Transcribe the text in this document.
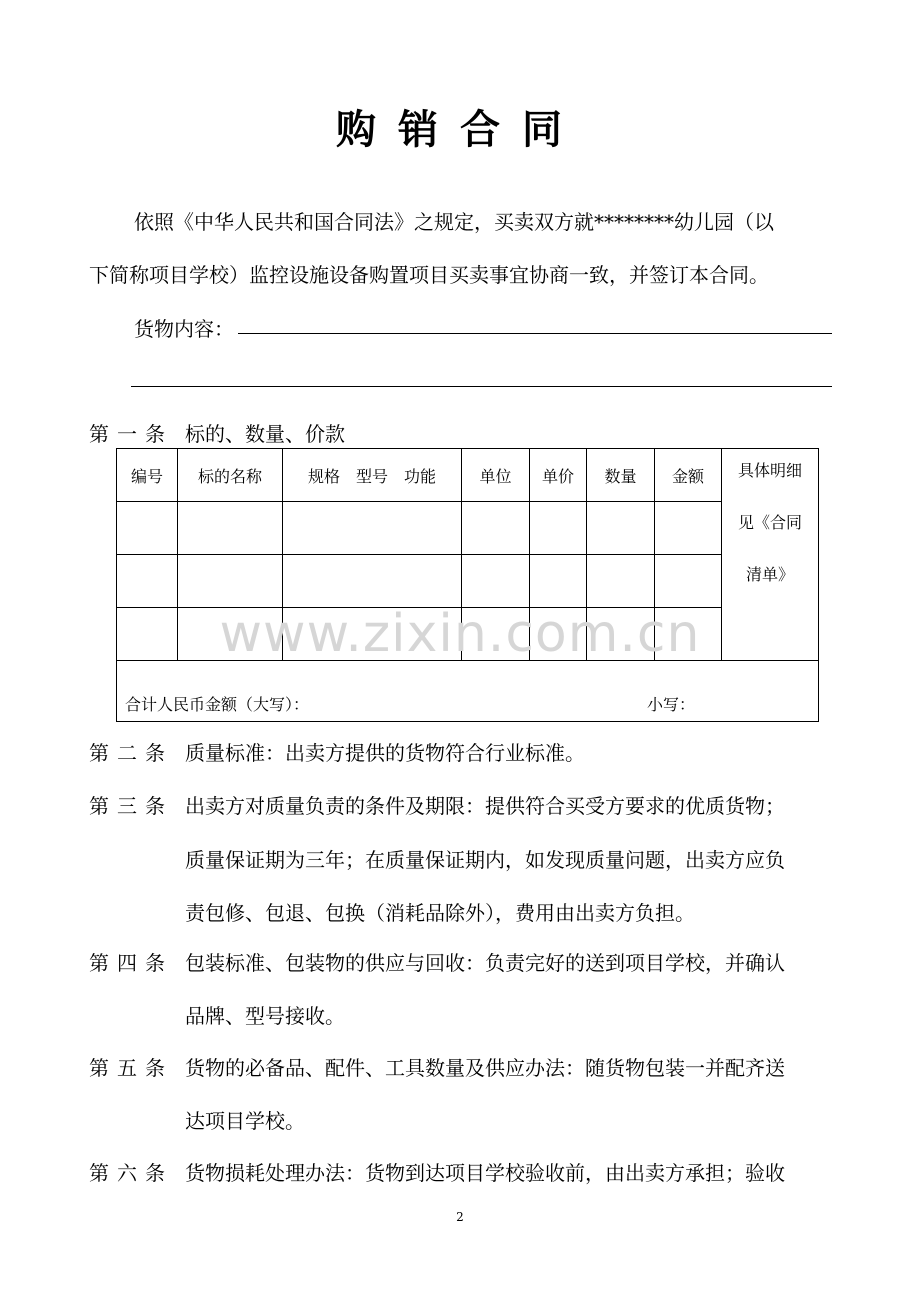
购销合同
依照《中华人民共和国合同法》之规定，买卖双方就********幼儿园（以
下简称项目学校）监控设施设备购置项目买卖事宜协商一致，并签订本合同。
货物内容：
第一条 标的、数量、价款
编号	标的名称	规格 型号 功能	单位	单价	数量	金额	具体明细
见《合同
清单》

合计人民币金额（大写）： 小写：							
www.zixin.com.cn
第二条 质量标准：出卖方提供的货物符合行业标准。
第三条 出卖方对质量负责的条件及期限：提供符合买受方要求的优质货物；
质量保证期为三年；在质量保证期内，如发现质量问题，出卖方应负
责包修、包退、包换（消耗品除外），费用由出卖方负担。
第四条 包装标准、包装物的供应与回收：负责完好的送到项目学校，并确认
品牌、型号接收。
第五条 货物的必备品、配件、工具数量及供应办法：随货物包装一并配齐送
达项目学校。
第六条 货物损耗处理办法：货物到达项目学校验收前，由出卖方承担；验收
2
